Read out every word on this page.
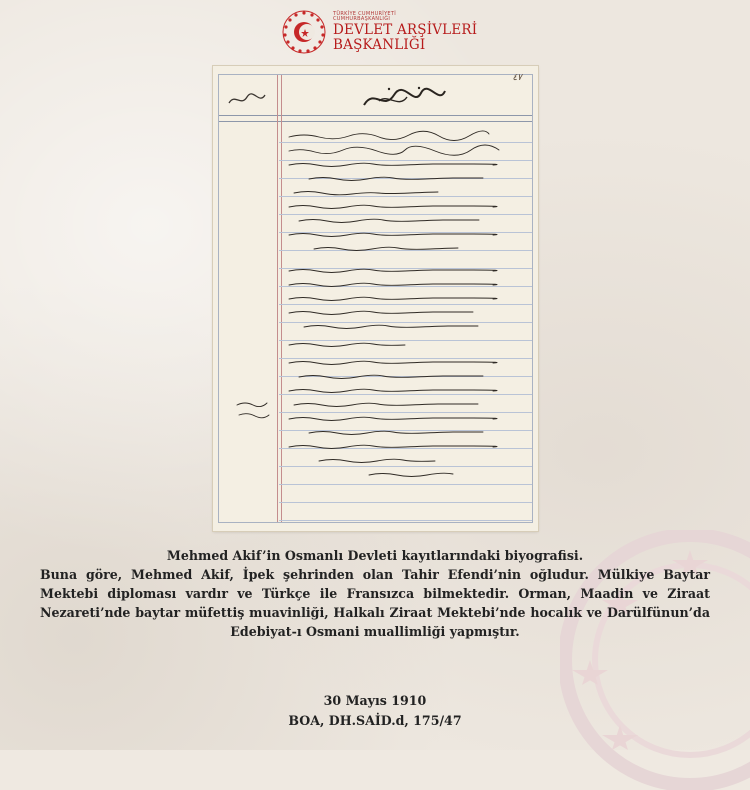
TÜRKİYE CUMHURİYETİ
CUMHURBAŞKANLIĞI
DEVLET ARŞİVLERİ
BAŞKANLIĞI
٤٧

Mehmed Akif’in Osmanlı Devleti kayıtlarındaki biyografisi.

Buna göre, Mehmed Akif, İpek şehrinden olan Tahir Efendi’nin oğludur. Mülkiye Baytar Mektebi diploması vardır ve Türkçe ile Fransızca bilmektedir. Orman, Maadin ve Ziraat Nezareti’nde baytar müfettiş muavinliği, Halkalı Ziraat Mektebi’nde hocalık ve Darülfünun’da Edebiyat-ı Osmani muallimliği yapmıştır.

30 Mayıs 1910
BOA, DH.SAİD.d, 175/47
